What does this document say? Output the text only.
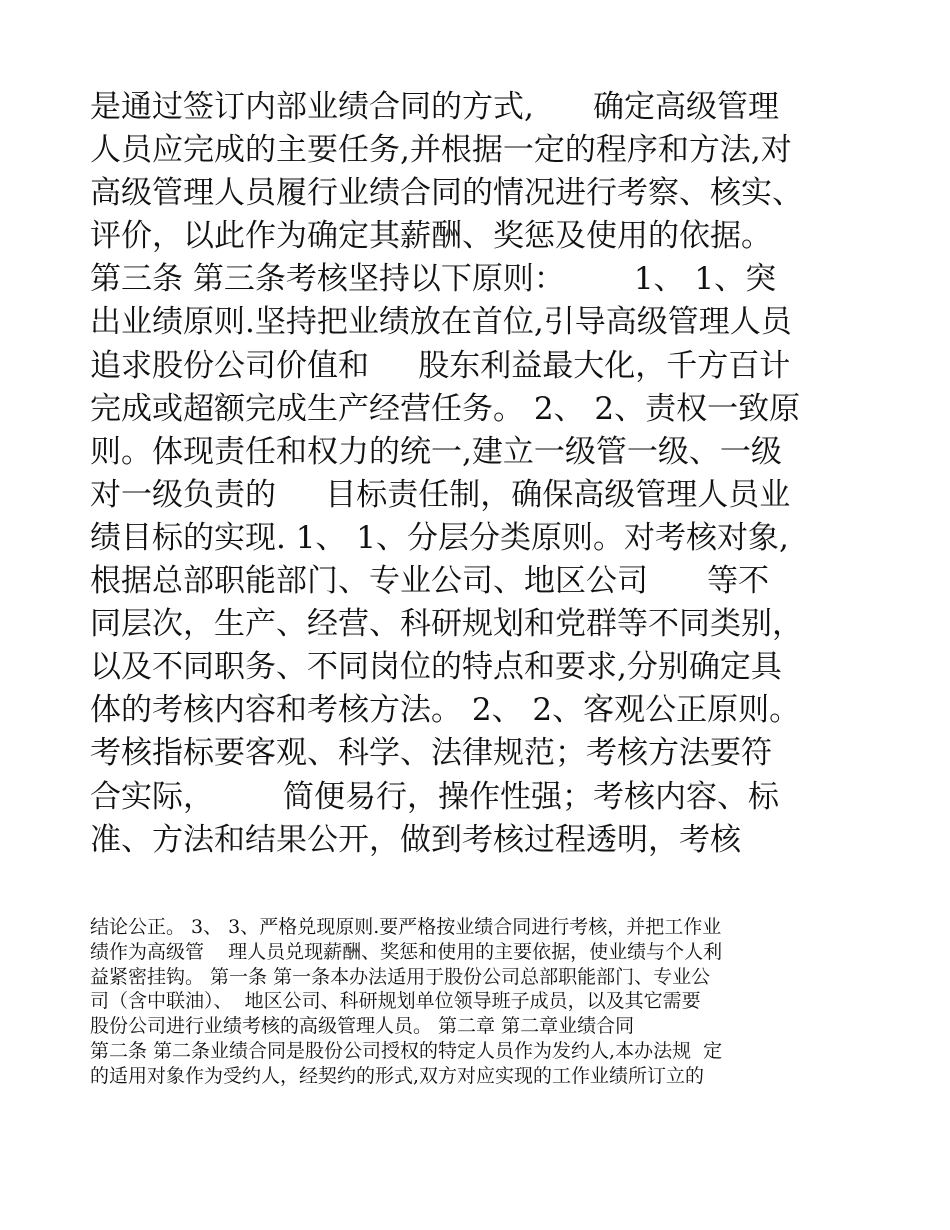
是通过签订内部业绩合同的方式,      确定高级管理
人员应完成的主要任务,并根据一定的程序和方法,对
高级管理人员履行业绩合同的情况进行考察、核实、
评价，以此作为确定其薪酬、奖惩及使用的依据。
第三条 第三条考核坚持以下原则：       1、 1、突
出业绩原则.坚持把业绩放在首位,引导高级管理人员
追求股份公司价值和     股东利益最大化，千方百计
完成或超额完成生产经营任务。 2、 2、责权一致原
则。体现责任和权力的统一,建立一级管一级、一级
对一级负责的     目标责任制，确保高级管理人员业
绩目标的实现. 1、 1、分层分类原则。对考核对象,
根据总部职能部门、专业公司、地区公司      等不
同层次，生产、经营、科研规划和党群等不同类别，
以及不同职务、不同岗位的特点和要求,分别确定具
体的考核内容和考核方法。 2、 2、客观公正原则。
考核指标要客观、科学、法律规范；考核方法要符
合实际，       简便易行，操作性强；考核内容、标
准、方法和结果公开，做到考核过程透明，考核
结论公正。 3、 3、严格兑现原则.要严格按业绩合同进行考核，并把工作业
绩作为高级管    理人员兑现薪酬、奖惩和使用的主要依据，使业绩与个人利
益紧密挂钩。 第一条 第一条本办法适用于股份公司总部职能部门、专业公
司（含中联油）、  地区公司、科研规划单位领导班子成员，以及其它需要
股份公司进行业绩考核的高级管理人员。 第二章 第二章业绩合同
第二条 第二条业绩合同是股份公司授权的特定人员作为发约人,本办法规  定
的适用对象作为受约人，经契约的形式,双方对应实现的工作业绩所订立的
